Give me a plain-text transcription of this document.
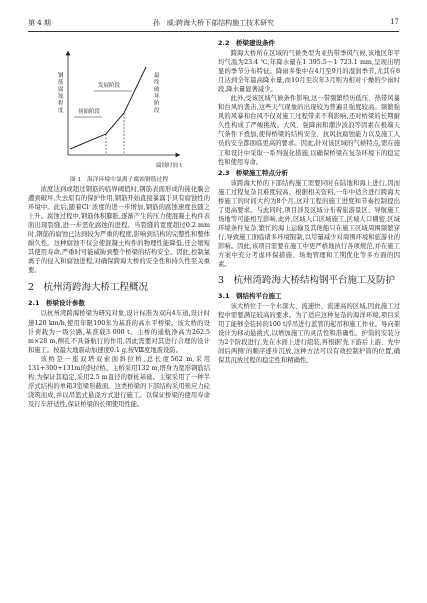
第 4 期	孙　威:跨海大桥下部结构施工技术研究	17
钢
筋
腐
蚀
程
度	初始阶段
发展阶段
最
终
破
坏
阶
段
腐蚀时间 t
图 1　海洋环境中氯离子腐蚀钢筋过程

浓度达到或超过钢筋的临界阈值时,钢筋表面形成的钝化膜会遭到破坏,失去原有的保护作用,钢筋开始直接暴露于具有腐蚀性的环境中。此后,随着Cl⁻浓度的进一步增加,钢筋的腐蚀速度也随之上升。腐蚀过程中,钢筋体积膨胀,逐渐产生的压力使混凝土构件表面出现裂缝,进一步恶化腐蚀的进程。当裂缝的宽度超过0.2 mm时,钢筋的腐蚀已达到较为严重的程度,影响到结构的完整性和整体耐久性。这种腐蚀不仅会使混凝土构件的物理性能降低,还会缩短其使用寿命,严重时可能威胁到整个桥梁的结构安全。因此,控制氯离子的侵入和腐蚀进程,对确保跨海大桥的安全性和持久性至关重要。

2　杭州湾跨海大桥工程概况
2.1　桥梁设计参数

以杭州湾跨海桥梁为研究对象,设计标准为双向4车道,设计时速120 km/h,使用年限100年为基准的高水平桥梁。该大桥的设计荷载为一级公路,基准载3 000 t。主桥的通航净高为262.5 m×28 m,侧孔不具备航行的作用,因此需要对其进行合理的设计和施工。按最大地震动加速度0.1 g,按Ⅷ度地震设防。

该桥是一座双塔双索面斜拉桥,总长度562 m,采用131+300+131m的斜拉桥。主桥采用132 m,塔身为宽形钢筋结构,为保证其稳定,采用2.5 m直径的群桩基础。主梁采用了一种半浮式结构的单箱3室梁形截面。这类桥梁的下部结构采用预应力砼浇筑而成,并以吊篮式悬浇方式进行施工。以保证桥梁的使用寿命及行车舒适性,保证桥梁的长期使用性能。

2.2　桥梁建设条件

跨海大桥所在区域的气候类型为亚热带季风气候,该地区年平均气温为23.4 ℃,年降水量在1 395.5～1 723.1 mm,呈现出明显的季节分布特征。降雨多集中在4月至9月的湿润季节,尤其在8月达到全年最高降水量,而10月至次年3月则为相对干燥的少雨时段,降水量显著减少。

此外,受该区域气候条件影响,这一带频繁经历低压、热带风暴和台风的袭击,这些天气现象的出现较为普遍且强度较高。频繁强风的风暴和台风不仅对施工过程带来不利影响,还对桥梁的长期耐久性构成了严峻挑战。大风、强降雨和潮汐波浪等因素在极端天气条件下叠加,使得桥梁的结构安全、抗风抗腐蚀能力以及施工人员的安全都面临更高的要求。因此,针对该区域的气候特点,需在施工和设计中采取一系列强化措施,以确保桥梁在复杂环境下的稳定性和使用寿命。

2.3　桥梁施工特点分析

该跨海大桥的下部结构施工需要同时在陆地和海上进行,因而施工过程复杂且难度较高。根据相关资料,一年中适合进行跨海大桥施工的时间大约为8个月,这对工程的施工进度和节奏控制提出了更高要求。与此同时,项目涉及区域分布着旅游景区、导航施工场地等可能相互影响,此外,区域人口区域施工,区域人口稠密,区域环境条件复杂,繁忙的海上运输及其他船只在施工区域周围频繁穿行,导致施工面临诸多环境限制,以尽量减少对周围环境和旅游业的影响。因此,该项目需要在施工中更严格地执行各项规范,并在施工方案中充分考虑环保措施、场地管理和工期优化等多方面的因素。

3　杭州湾跨海大桥结构钢平台施工及防护
3.1　钢结构平台施工

该大桥位于一个水深大、流速快、流速高的区域,因此施工过程中需要满足较高的要求。为了适应这种复杂的海洋环境,项目采用了能够全装转的100 t浮吊进行蓝管的起吊和施工作业。导向架设计为移动悬挑式,以增加施工的灵活性和准确性。护筒的安装分为2个阶段进行,先在水面上进行组装,再根据'先下游后上游、先中间后两侧'的顺序逐步沉放,这种方法可以有效控制护筒的位置,确保其沉放过程的稳定性和精确性。
